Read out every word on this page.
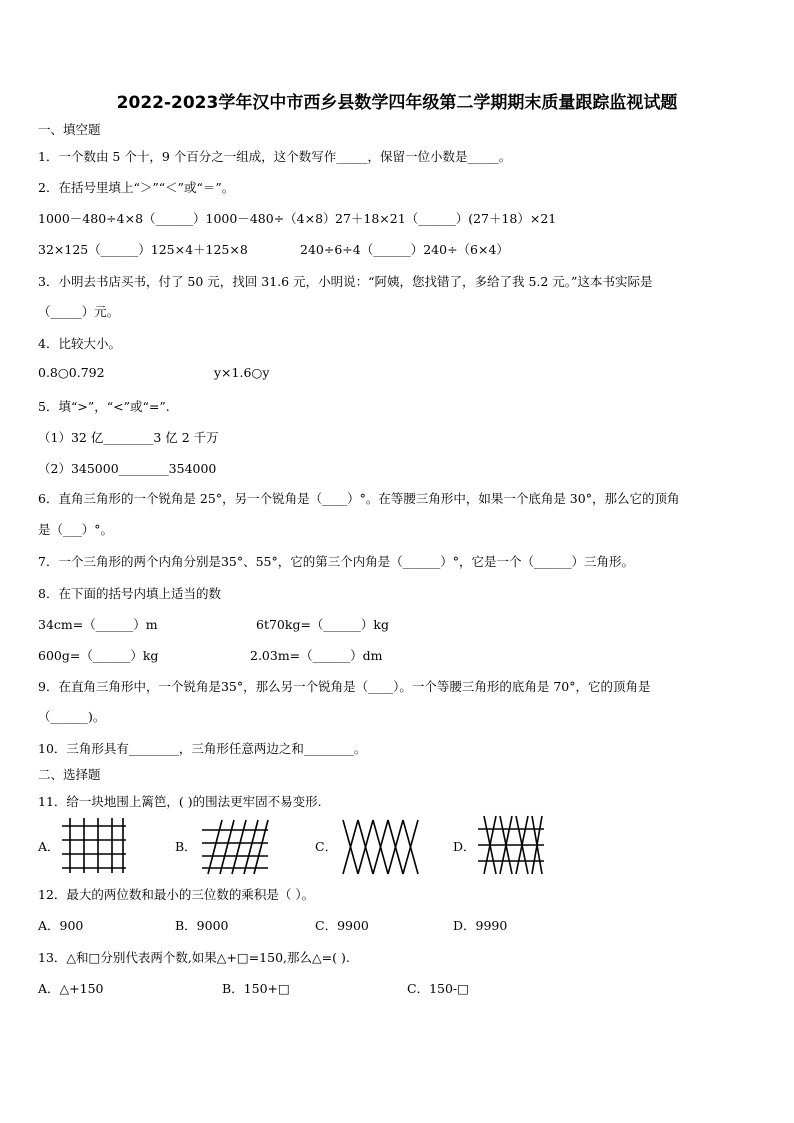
2022-2023学年汉中市西乡县数学四年级第二学期期末质量跟踪监视试题
一、填空题
1．一个数由 5 个十，9 个百分之一组成，这个数写作_____，保留一位小数是_____。
2．在括号里填上“＞”“＜”或“＝”。
1000－480÷4×8（______）1000－480÷（4×8） 27＋18×21（______）(27＋18）×21
32×125（______）125×4＋125×8	240÷6÷4（______）240÷（6×4）
3．小明去书店买书，付了 50 元，找回 31.6 元，小明说：“阿姨，您找错了，多给了我 5.2 元。”这本书实际是
（_____）元。
4．比较大小。
0.8○0.792	y×1.6○y
5．填“>”，“<”或“=”.
（1）32 亿________3 亿 2 千万
（2）345000________354000
6．直角三角形的一个锐角是 25°，另一个锐角是（____）°。在等腰三角形中，如果一个底角是 30°，那么它的顶角
是（___）°。
7．一个三角形的两个内角分别是35°、55°，它的第三个内角是（______）°，它是一个（______）三角形。
8．在下面的括号内填上适当的数
34cm=（______）m	6t70kg=（______）kg
600g=（______）kg	2.03m=（______）dm
9．在直角三角形中，一个锐角是35°，那么另一个锐角是（____）。一个等腰三角形的底角是 70°，它的顶角是
（______)。
10．三角形具有________，三角形任意两边之和________。
二、选择题
11．给一块地围上篱笆，( )的围法更牢固不易变形.
A．	B．	C．	D．
12．最大的两位数和最小的三位数的乘积是（ ）。
A．900	B．9000	C．9900	D．9990
13．△和□分别代表两个数,如果△+□=150,那么△=( ).
A．△+150	B．150+□	C．150-□
